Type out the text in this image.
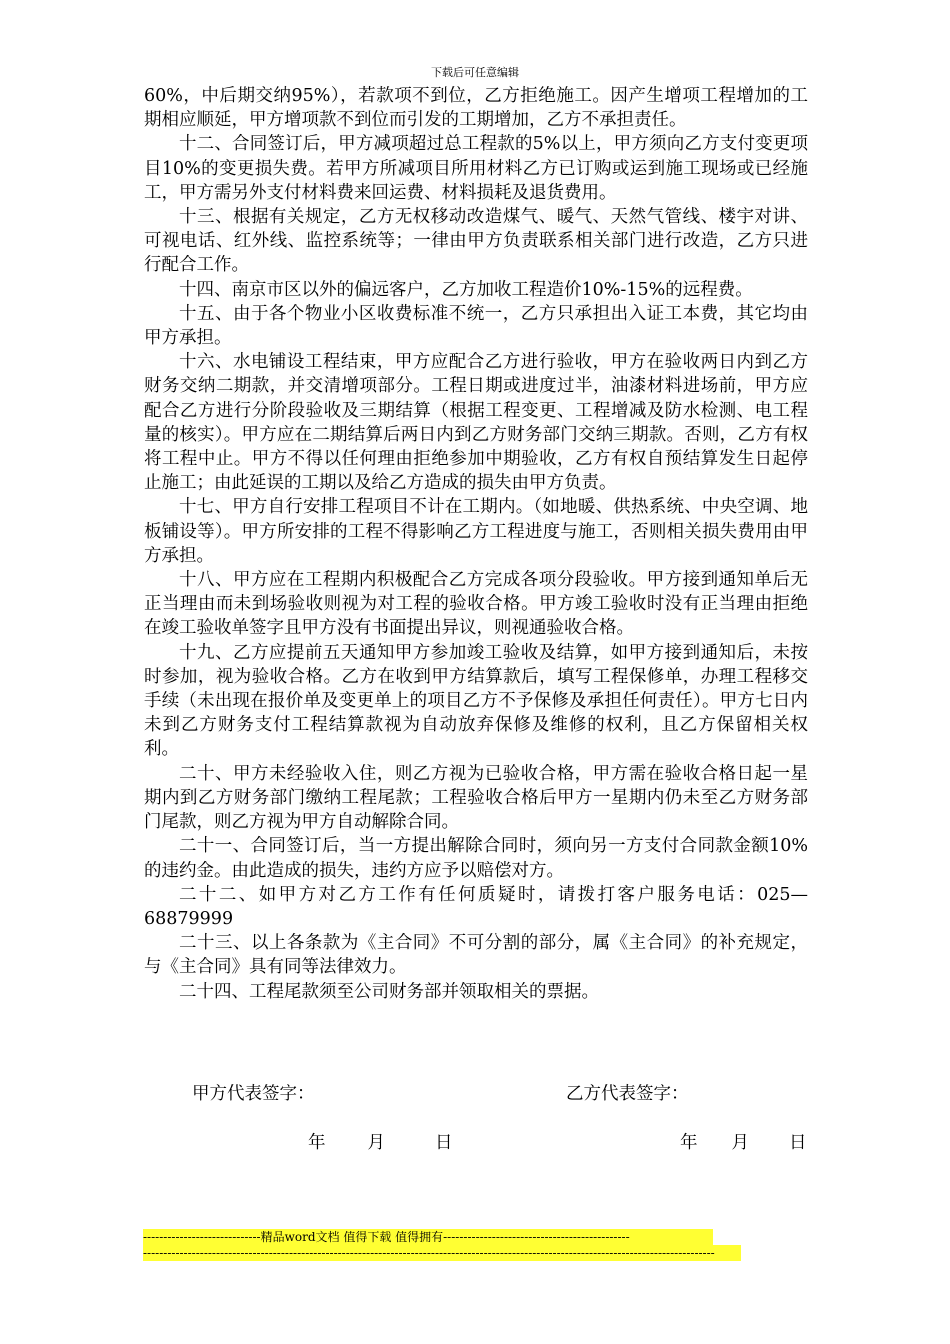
下载后可任意编辑

60%，中后期交纳95%），若款项不到位，乙方拒绝施工。因产生增项工程增加的工期相应顺延，甲方增项款不到位而引发的工期增加，乙方不承担责任。

十二、合同签订后，甲方减项超过总工程款的5%以上，甲方须向乙方支付变更项目10%的变更损失费。若甲方所减项目所用材料乙方已订购或运到施工现场或已经施工，甲方需另外支付材料费来回运费、材料损耗及退货费用。

十三、根据有关规定，乙方无权移动改造煤气、暖气、天然气管线、楼宇对讲、可视电话、红外线、监控系统等；一律由甲方负责联系相关部门进行改造，乙方只进行配合工作。

十四、南京市区以外的偏远客户，乙方加收工程造价10%-15%的远程费。

十五、由于各个物业小区收费标准不统一，乙方只承担出入证工本费，其它均由甲方承担。

十六、水电铺设工程结束，甲方应配合乙方进行验收，甲方在验收两日内到乙方财务交纳二期款，并交清增项部分。工程日期或进度过半，油漆材料进场前，甲方应配合乙方进行分阶段验收及三期结算（根据工程变更、工程增减及防水检测、电工程量的核实）。甲方应在二期结算后两日内到乙方财务部门交纳三期款。否则，乙方有权将工程中止。甲方不得以任何理由拒绝参加中期验收，乙方有权自预结算发生日起停止施工；由此延误的工期以及给乙方造成的损失由甲方负责。

十七、甲方自行安排工程项目不计在工期内。（如地暖、供热系统、中央空调、地板铺设等）。甲方所安排的工程不得影响乙方工程进度与施工，否则相关损失费用由甲方承担。

十八、甲方应在工程期内积极配合乙方完成各项分段验收。甲方接到通知单后无正当理由而未到场验收则视为对工程的验收合格。甲方竣工验收时没有正当理由拒绝在竣工验收单签字且甲方没有书面提出异议，则视通验收合格。

十九、乙方应提前五天通知甲方参加竣工验收及结算，如甲方接到通知后，未按时参加，视为验收合格。乙方在收到甲方结算款后，填写工程保修单，办理工程移交手续（未出现在报价单及变更单上的项目乙方不予保修及承担任何责任）。甲方七日内未到乙方财务支付工程结算款视为自动放弃保修及维修的权利，且乙方保留相关权利。

二十、甲方未经验收入住，则乙方视为已验收合格，甲方需在验收合格日起一星期内到乙方财务部门缴纳工程尾款；工程验收合格后甲方一星期内仍未至乙方财务部门尾款，则乙方视为甲方自动解除合同。

二十一、合同签订后，当一方提出解除合同时，须向另一方支付合同款金额10%的违约金。由此造成的损失，违约方应予以赔偿对方。

二十二、如甲方对乙方工作有任何质疑时，请拨打客户服务电话：025—68879999

二十三、以上各条款为《主合同》不可分割的部分，属《主合同》的补充规定，与《主合同》具有同等法律效力。

二十四、工程尾款须至公司财务部并领取相关的票据。

甲方代表签字：	乙方代表签字：
年 月	日	年 月 日
-----------------------------精品word文档 值得下载 值得拥有----------------------------------------------
---------------------------------------------------------------------------------------------------------------------------------------------
